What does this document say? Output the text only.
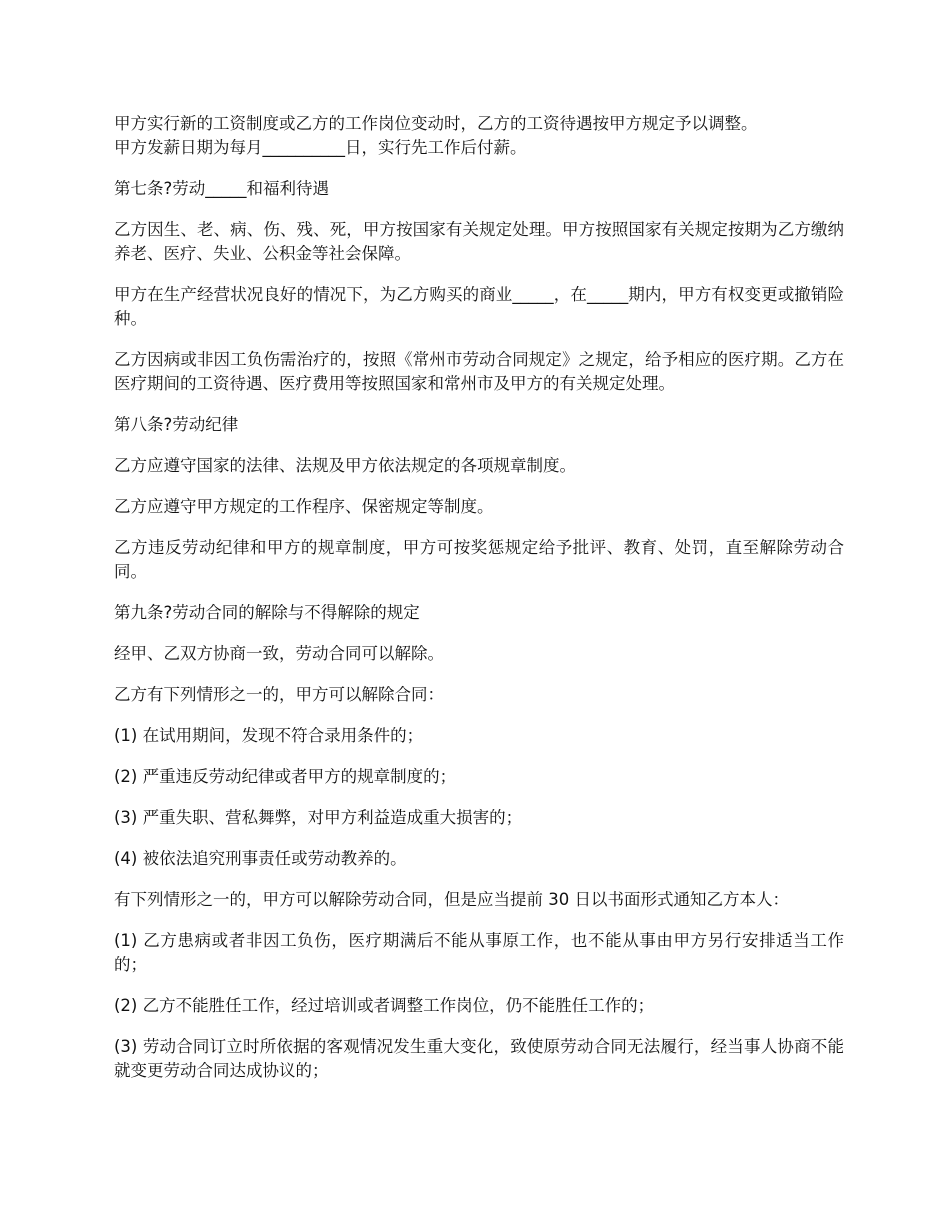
甲方实行新的工资制度或乙方的工作岗位变动时，乙方的工资待遇按甲方规定予以调整。

甲方发薪日期为每月__________日，实行先工作后付薪。

第七条?劳动_____和福利待遇

乙方因生、老、病、伤、残、死，甲方按国家有关规定处理。甲方按照国家有关规定按期为乙方缴纳养老、医疗、失业、公积金等社会保障。

甲方在生产经营状况良好的情况下，为乙方购买的商业_____，在_____期内，甲方有权变更或撤销险种。

乙方因病或非因工负伤需治疗的，按照《常州市劳动合同规定》之规定，给予相应的医疗期。乙方在医疗期间的工资待遇、医疗费用等按照国家和常州市及甲方的有关规定处理。

第八条?劳动纪律

乙方应遵守国家的法律、法规及甲方依法规定的各项规章制度。

乙方应遵守甲方规定的工作程序、保密规定等制度。

乙方违反劳动纪律和甲方的规章制度，甲方可按奖惩规定给予批评、教育、处罚，直至解除劳动合同。

第九条?劳动合同的解除与不得解除的规定

经甲、乙双方协商一致，劳动合同可以解除。

乙方有下列情形之一的，甲方可以解除合同：

(1) 在试用期间，发现不符合录用条件的；

(2) 严重违反劳动纪律或者甲方的规章制度的；

(3) 严重失职、营私舞弊，对甲方利益造成重大损害的；

(4) 被依法追究刑事责任或劳动教养的。

有下列情形之一的，甲方可以解除劳动合同，但是应当提前 30 日以书面形式通知乙方本人：

(1) 乙方患病或者非因工负伤，医疗期满后不能从事原工作，也不能从事由甲方另行安排适当工作的；

(2) 乙方不能胜任工作，经过培训或者调整工作岗位，仍不能胜任工作的；

(3) 劳动合同订立时所依据的客观情况发生重大变化，致使原劳动合同无法履行，经当事人协商不能就变更劳动合同达成协议的；
